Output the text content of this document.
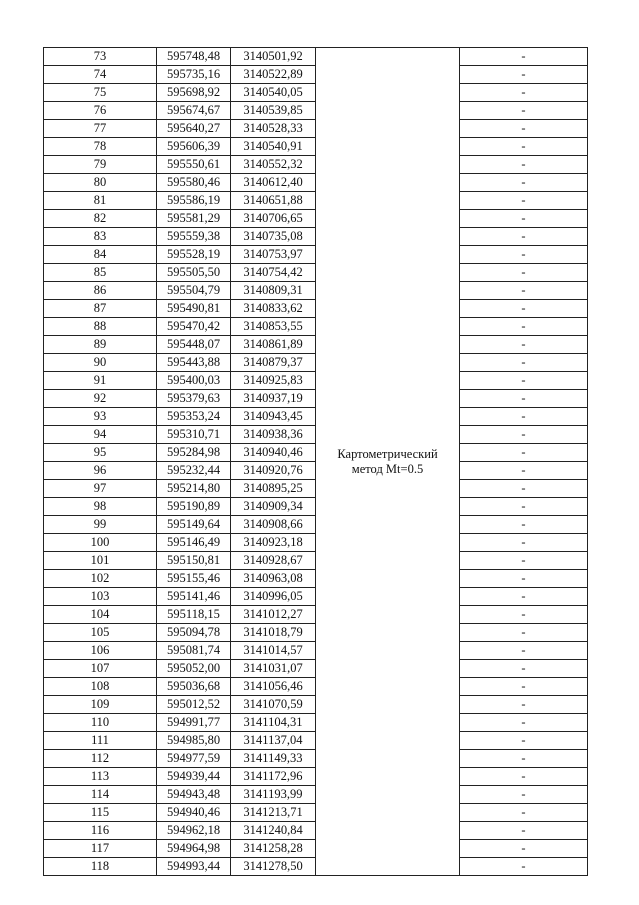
73	595748,48	3140501,92	Картометрический
метод Mt=0.5	-
74	595735,16	3140522,89		-
75	595698,92	3140540,05		-
76	595674,67	3140539,85		-
77	595640,27	3140528,33		-
78	595606,39	3140540,91		-
79	595550,61	3140552,32		-
80	595580,46	3140612,40		-
81	595586,19	3140651,88		-
82	595581,29	3140706,65		-
83	595559,38	3140735,08		-
84	595528,19	3140753,97		-
85	595505,50	3140754,42		-
86	595504,79	3140809,31		-
87	595490,81	3140833,62		-
88	595470,42	3140853,55		-
89	595448,07	3140861,89		-
90	595443,88	3140879,37		-
91	595400,03	3140925,83		-
92	595379,63	3140937,19		-
93	595353,24	3140943,45		-
94	595310,71	3140938,36		-
95	595284,98	3140940,46		-
96	595232,44	3140920,76		-
97	595214,80	3140895,25		-
98	595190,89	3140909,34		-
99	595149,64	3140908,66		-
100	595146,49	3140923,18		-
101	595150,81	3140928,67		-
102	595155,46	3140963,08		-
103	595141,46	3140996,05		-
104	595118,15	3141012,27		-
105	595094,78	3141018,79		-
106	595081,74	3141014,57		-
107	595052,00	3141031,07		-
108	595036,68	3141056,46		-
109	595012,52	3141070,59		-
110	594991,77	3141104,31		-
111	594985,80	3141137,04		-
112	594977,59	3141149,33		-
113	594939,44	3141172,96		-
114	594943,48	3141193,99		-
115	594940,46	3141213,71		-
116	594962,18	3141240,84		-
117	594964,98	3141258,28		-
118	594993,44	3141278,50		-
